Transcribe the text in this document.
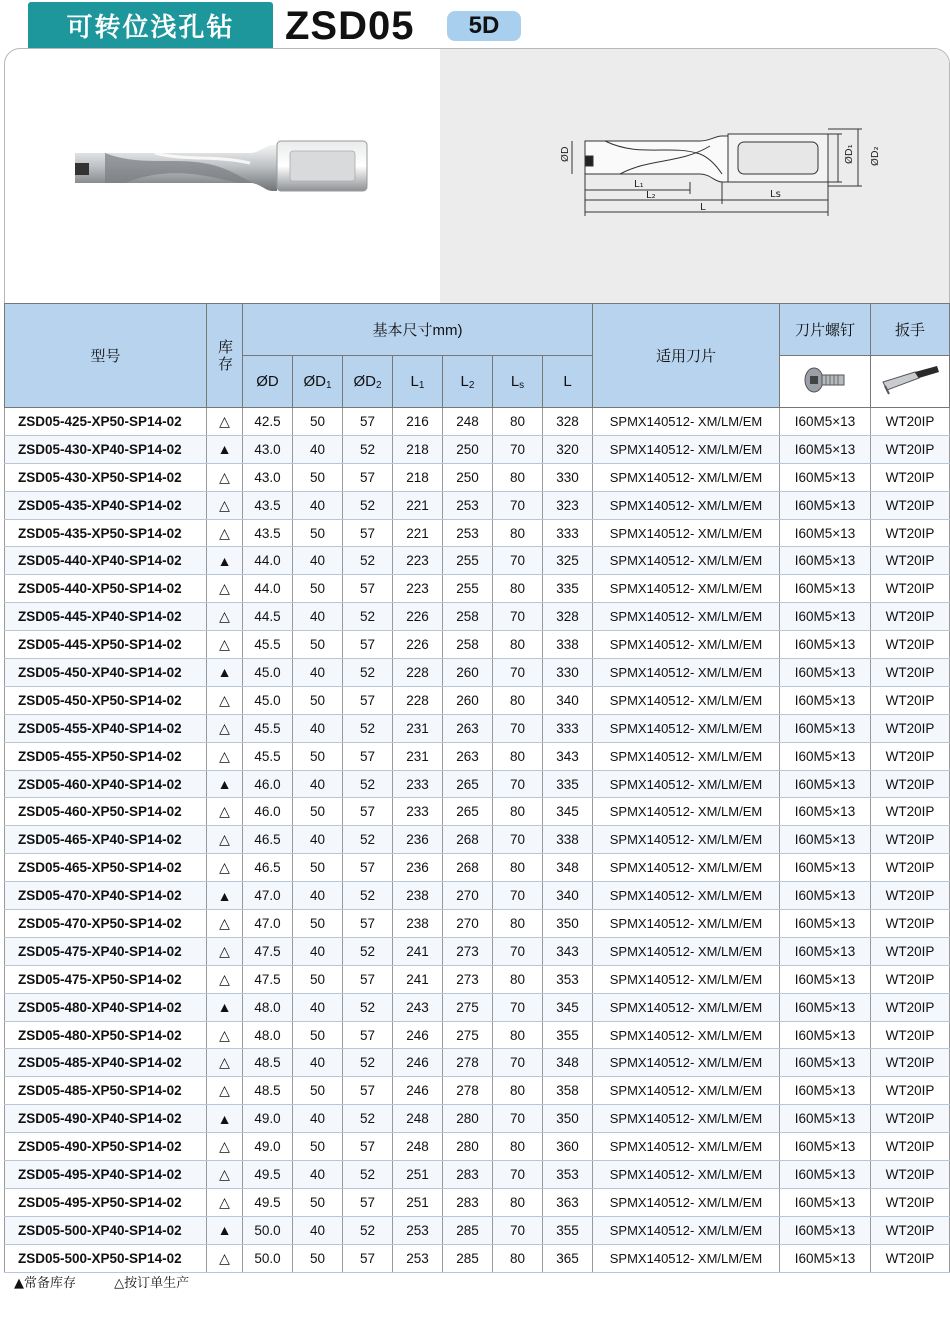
可转位浅孔钻	ZSD05	5D
ØD	ØD₁ ØD₂
L₁
L₂
L
Ls
型号	库存	基本尺寸mm)							适用刀片	刀片螺钉	扳手
		ØD	$ØD_1$	$ØD_2$	$L_1$	$L_2$	$L_s$	L		
ZSD05-425-XP50-SP14-02	△	42.5	50	57	216	248	80	328	SPMX140512- XM/LM/EM	I60M5×13	WT20IP
ZSD05-430-XP40-SP14-02	▲	43.0	40	52	218	250	70	320	SPMX140512- XM/LM/EM	I60M5×13	WT20IP
ZSD05-430-XP50-SP14-02	△	43.0	50	57	218	250	80	330	SPMX140512- XM/LM/EM	I60M5×13	WT20IP
ZSD05-435-XP40-SP14-02	△	43.5	40	52	221	253	70	323	SPMX140512- XM/LM/EM	I60M5×13	WT20IP
ZSD05-435-XP50-SP14-02	△	43.5	50	57	221	253	80	333	SPMX140512- XM/LM/EM	I60M5×13	WT20IP
ZSD05-440-XP40-SP14-02	▲	44.0	40	52	223	255	70	325	SPMX140512- XM/LM/EM	I60M5×13	WT20IP
ZSD05-440-XP50-SP14-02	△	44.0	50	57	223	255	80	335	SPMX140512- XM/LM/EM	I60M5×13	WT20IP
ZSD05-445-XP40-SP14-02	△	44.5	40	52	226	258	70	328	SPMX140512- XM/LM/EM	I60M5×13	WT20IP
ZSD05-445-XP50-SP14-02	△	45.5	50	57	226	258	80	338	SPMX140512- XM/LM/EM	I60M5×13	WT20IP
ZSD05-450-XP40-SP14-02	▲	45.0	40	52	228	260	70	330	SPMX140512- XM/LM/EM	I60M5×13	WT20IP
ZSD05-450-XP50-SP14-02	△	45.0	50	57	228	260	80	340	SPMX140512- XM/LM/EM	I60M5×13	WT20IP
ZSD05-455-XP40-SP14-02	△	45.5	40	52	231	263	70	333	SPMX140512- XM/LM/EM	I60M5×13	WT20IP
ZSD05-455-XP50-SP14-02	△	45.5	50	57	231	263	80	343	SPMX140512- XM/LM/EM	I60M5×13	WT20IP
ZSD05-460-XP40-SP14-02	▲	46.0	40	52	233	265	70	335	SPMX140512- XM/LM/EM	I60M5×13	WT20IP
ZSD05-460-XP50-SP14-02	△	46.0	50	57	233	265	80	345	SPMX140512- XM/LM/EM	I60M5×13	WT20IP
ZSD05-465-XP40-SP14-02	△	46.5	40	52	236	268	70	338	SPMX140512- XM/LM/EM	I60M5×13	WT20IP
ZSD05-465-XP50-SP14-02	△	46.5	50	57	236	268	80	348	SPMX140512- XM/LM/EM	I60M5×13	WT20IP
ZSD05-470-XP40-SP14-02	▲	47.0	40	52	238	270	70	340	SPMX140512- XM/LM/EM	I60M5×13	WT20IP
ZSD05-470-XP50-SP14-02	△	47.0	50	57	238	270	80	350	SPMX140512- XM/LM/EM	I60M5×13	WT20IP
ZSD05-475-XP40-SP14-02	△	47.5	40	52	241	273	70	343	SPMX140512- XM/LM/EM	I60M5×13	WT20IP
ZSD05-475-XP50-SP14-02	△	47.5	50	57	241	273	80	353	SPMX140512- XM/LM/EM	I60M5×13	WT20IP
ZSD05-480-XP40-SP14-02	▲	48.0	40	52	243	275	70	345	SPMX140512- XM/LM/EM	I60M5×13	WT20IP
ZSD05-480-XP50-SP14-02	△	48.0	50	57	246	275	80	355	SPMX140512- XM/LM/EM	I60M5×13	WT20IP
ZSD05-485-XP40-SP14-02	△	48.5	40	52	246	278	70	348	SPMX140512- XM/LM/EM	I60M5×13	WT20IP
ZSD05-485-XP50-SP14-02	△	48.5	50	57	246	278	80	358	SPMX140512- XM/LM/EM	I60M5×13	WT20IP
ZSD05-490-XP40-SP14-02	▲	49.0	40	52	248	280	70	350	SPMX140512- XM/LM/EM	I60M5×13	WT20IP
ZSD05-490-XP50-SP14-02	△	49.0	50	57	248	280	80	360	SPMX140512- XM/LM/EM	I60M5×13	WT20IP
ZSD05-495-XP40-SP14-02	△	49.5	40	52	251	283	70	353	SPMX140512- XM/LM/EM	I60M5×13	WT20IP
ZSD05-495-XP50-SP14-02	△	49.5	50	57	251	283	80	363	SPMX140512- XM/LM/EM	I60M5×13	WT20IP
ZSD05-500-XP40-SP14-02	▲	50.0	40	52	253	285	70	355	SPMX140512- XM/LM/EM	I60M5×13	WT20IP
ZSD05-500-XP50-SP14-02	△	50.0	50	57	253	285	80	365	SPMX140512- XM/LM/EM	I60M5×13	WT20IP
▲常备库存	△按订单生产
